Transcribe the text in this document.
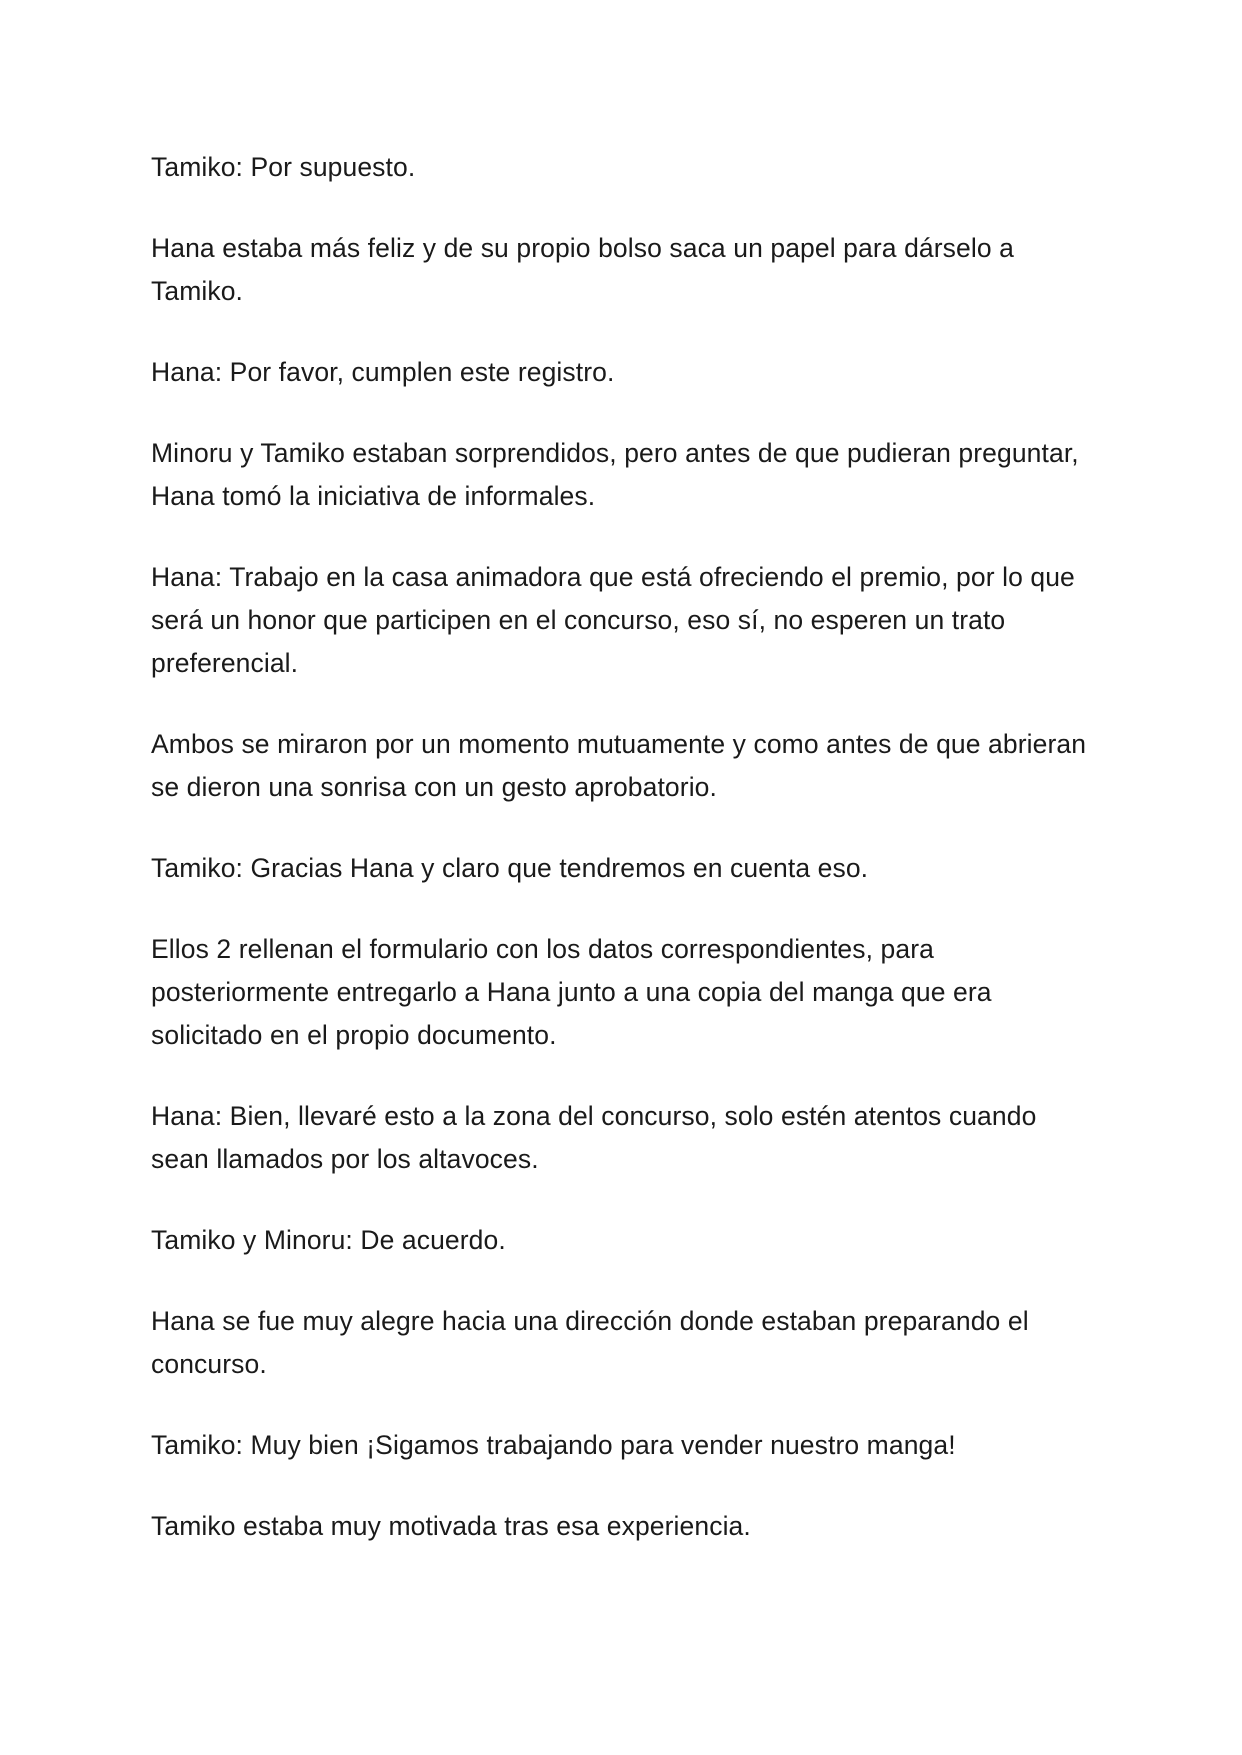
Tamiko: Por supuesto.

Hana estaba más feliz y de su propio bolso saca un papel para dárselo a Tamiko.

Hana: Por favor, cumplen este registro.

Minoru y Tamiko estaban sorprendidos, pero antes de que pudieran preguntar, Hana tomó la iniciativa de informales.

Hana: Trabajo en la casa animadora que está ofreciendo el premio, por lo que será un honor que participen en el concurso, eso sí, no esperen un trato preferencial.

Ambos se miraron por un momento mutuamente y como antes de que abrieran se dieron una sonrisa con un gesto aprobatorio.

Tamiko: Gracias Hana y claro que tendremos en cuenta eso.

Ellos 2 rellenan el formulario con los datos correspondientes, para posteriormente entregarlo a Hana junto a una copia del manga que era solicitado en el propio documento.

Hana: Bien, llevaré esto a la zona del concurso, solo estén atentos cuando sean llamados por los altavoces.

Tamiko y Minoru: De acuerdo.

Hana se fue muy alegre hacia una dirección donde estaban preparando el concurso.

Tamiko: Muy bien ¡Sigamos trabajando para vender nuestro manga!

Tamiko estaba muy motivada tras esa experiencia.
